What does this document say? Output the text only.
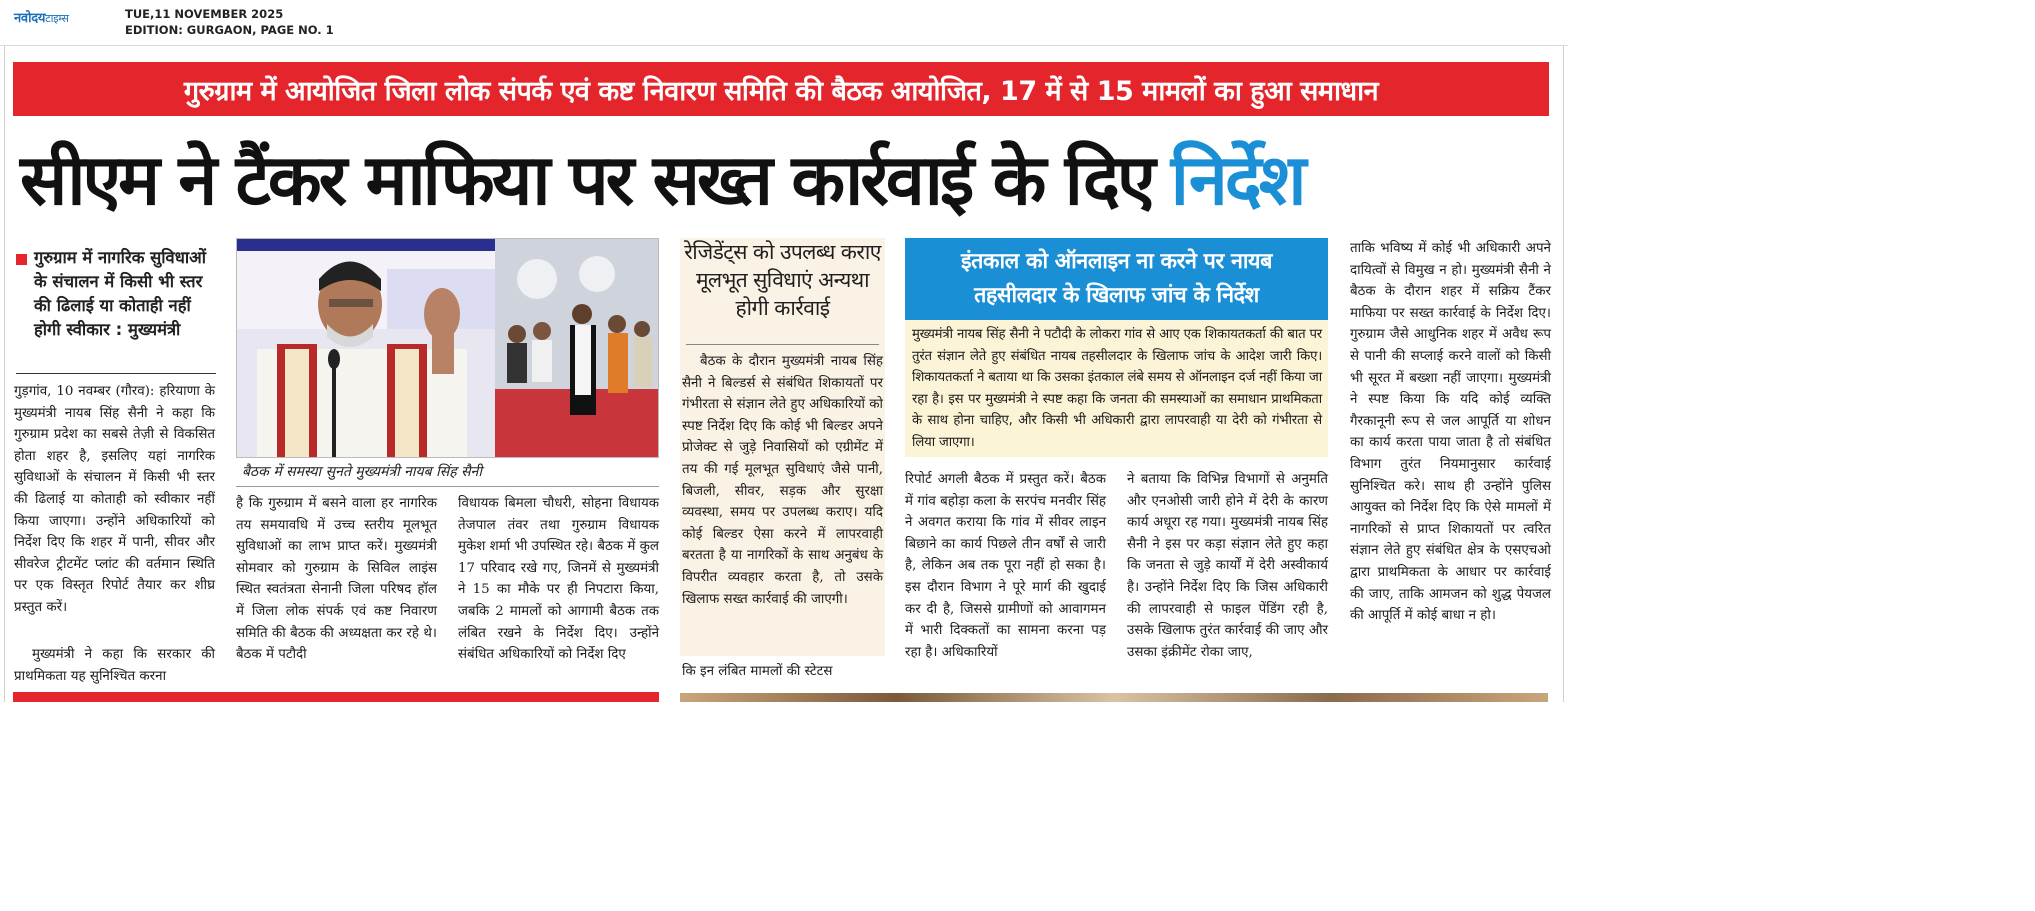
नवोदयटाइम्स	TUE,11 NOVEMBER 2025
EDITION: GURGAON, PAGE NO. 1
गुरुग्राम में आयोजित जिला लोक संपर्क एवं कष्ट निवारण समिति की बैठक आयोजित, 17 में से 15 मामलों का हुआ समाधान
सीएम ने टैंकर माफिया पर सख्त कार्रवाई के दिए निर्देश
गुरुग्राम में नागरिक सुविधाओं के संचालन में किसी भी स्तर की ढिलाई या कोताही नहीं होगी स्वीकार : मुख्यमंत्री
गुड़गांव, 10 नवम्बर (गौरव): हरियाणा के मुख्यमंत्री नायब सिंह सैनी ने कहा कि गुरुग्राम प्रदेश का सबसे तेज़ी से विकसित होता शहर है, इसलिए यहां नागरिक सुविधाओं के संचालन में किसी भी स्तर की ढिलाई या कोताही को स्वीकार नहीं किया जाएगा। उन्होंने अधिकारियों को निर्देश दिए कि शहर में पानी, सीवर और सीवरेज ट्रीटमेंट प्लांट की वर्तमान स्थिति पर एक विस्तृत रिपोर्ट तैयार कर शीघ्र प्रस्तुत करें।
मुख्यमंत्री ने कहा कि सरकार की प्राथमिकता यह सुनिश्चित करना
बैठक में समस्या सुनते मुख्यमंत्री नायब सिंह सैनी
है कि गुरुग्राम में बसने वाला हर नागरिक तय समयावधि में उच्च स्तरीय मूलभूत सुविधाओं का लाभ प्राप्त करें। मुख्यमंत्री सोमवार को गुरुग्राम के सिविल लाइंस स्थित स्वतंत्रता सेनानी जिला परिषद हॉल में जिला लोक संपर्क एवं कष्ट निवारण समिति की बैठक की अध्यक्षता कर रहे थे। बैठक में पटौदी
विधायक बिमला चौधरी, सोहना विधायक तेजपाल तंवर तथा गुरुग्राम विधायक मुकेश शर्मा भी उपस्थित रहे। बैठक में कुल 17 परिवाद रखे गए, जिनमें से मुख्यमंत्री ने 15 का मौके पर ही निपटारा किया, जबकि 2 मामलों को आगामी बैठक तक लंबित रखने के निर्देश दिए। उन्होंने संबंधित अधिकारियों को निर्देश दिए
रेजिडेंट्स को उपलब्ध कराए मूलभूत सुविधाएं अन्यथा होगी कार्रवाई
बैठक के दौरान मुख्यमंत्री नायब सिंह सैनी ने बिल्डर्स से संबंधित शिकायतों पर गंभीरता से संज्ञान लेते हुए अधिकारियों को स्पष्ट निर्देश दिए कि कोई भी बिल्डर अपने प्रोजेक्ट से जुड़े निवासियों को एग्रीमेंट में तय की गई मूलभूत सुविधाएं जैसे पानी, बिजली, सीवर, सड़क और सुरक्षा व्यवस्था, समय पर उपलब्ध कराए। यदि कोई बिल्डर ऐसा करने में लापरवाही बरतता है या नागरिकों के साथ अनुबंध के विपरीत व्यवहार करता है, तो उसके खिलाफ सख्त कार्रवाई की जाएगी।
कि इन लंबित मामलों की स्टेटस
इंतकाल को ऑनलाइन ना करने पर नायब
तहसीलदार के खिलाफ जांच के निर्देश
मुख्यमंत्री नायब सिंह सैनी ने पटौदी के लोकरा गांव से आए एक शिकायतकर्ता की बात पर तुरंत संज्ञान लेते हुए संबंधित नायब तहसीलदार के खिलाफ जांच के आदेश जारी किए। शिकायतकर्ता ने बताया था कि उसका इंतकाल लंबे समय से ऑनलाइन दर्ज नहीं किया जा रहा है। इस पर मुख्यमंत्री ने स्पष्ट कहा कि जनता की समस्याओं का समाधान प्राथमिकता के साथ होना चाहिए, और किसी भी अधिकारी द्वारा लापरवाही या देरी को गंभीरता से लिया जाएगा।
रिपोर्ट अगली बैठक में प्रस्तुत करें। बैठक में गांव बहोड़ा कला के सरपंच मनवीर सिंह ने अवगत कराया कि गांव में सीवर लाइन बिछाने का कार्य पिछले तीन वर्षों से जारी है, लेकिन अब तक पूरा नहीं हो सका है। इस दौरान विभाग ने पूरे मार्ग की खुदाई कर दी है, जिससे ग्रामीणों को आवागमन में भारी दिक्कतों का सामना करना पड़ रहा है। अधिकारियों
ने बताया कि विभिन्न विभागों से अनुमति और एनओसी जारी होने में देरी के कारण कार्य अधूरा रह गया। मुख्यमंत्री नायब सिंह सैनी ने इस पर कड़ा संज्ञान लेते हुए कहा कि जनता से जुड़े कार्यों में देरी अस्वीकार्य है। उन्होंने निर्देश दिए कि जिस अधिकारी की लापरवाही से फाइल पेंडिंग रही है, उसके खिलाफ तुरंत कार्रवाई की जाए और उसका इंक्रीमेंट रोका जाए,
ताकि भविष्य में कोई भी अधिकारी अपने दायित्वों से विमुख न हो। मुख्यमंत्री सैनी ने बैठक के दौरान शहर में सक्रिय टैंकर माफिया पर सख्त कार्रवाई के निर्देश दिए। गुरुग्राम जैसे आधुनिक शहर में अवैध रूप से पानी की सप्लाई करने वालों को किसी भी सूरत में बख्शा नहीं जाएगा। मुख्यमंत्री ने स्पष्ट किया कि यदि कोई व्यक्ति गैरकानूनी रूप से जल आपूर्ति या शोधन का कार्य करता पाया जाता है तो संबंधित विभाग तुरंत नियमानुसार कार्रवाई सुनिश्चित करे। साथ ही उन्होंने पुलिस आयुक्त को निर्देश दिए कि ऐसे मामलों में नागरिकों से प्राप्त शिकायतों पर त्वरित संज्ञान लेते हुए संबंधित क्षेत्र के एसएचओ द्वारा प्राथमिकता के आधार पर कार्रवाई की जाए, ताकि आमजन को शुद्ध पेयजल की आपूर्ति में कोई बाधा न हो।
